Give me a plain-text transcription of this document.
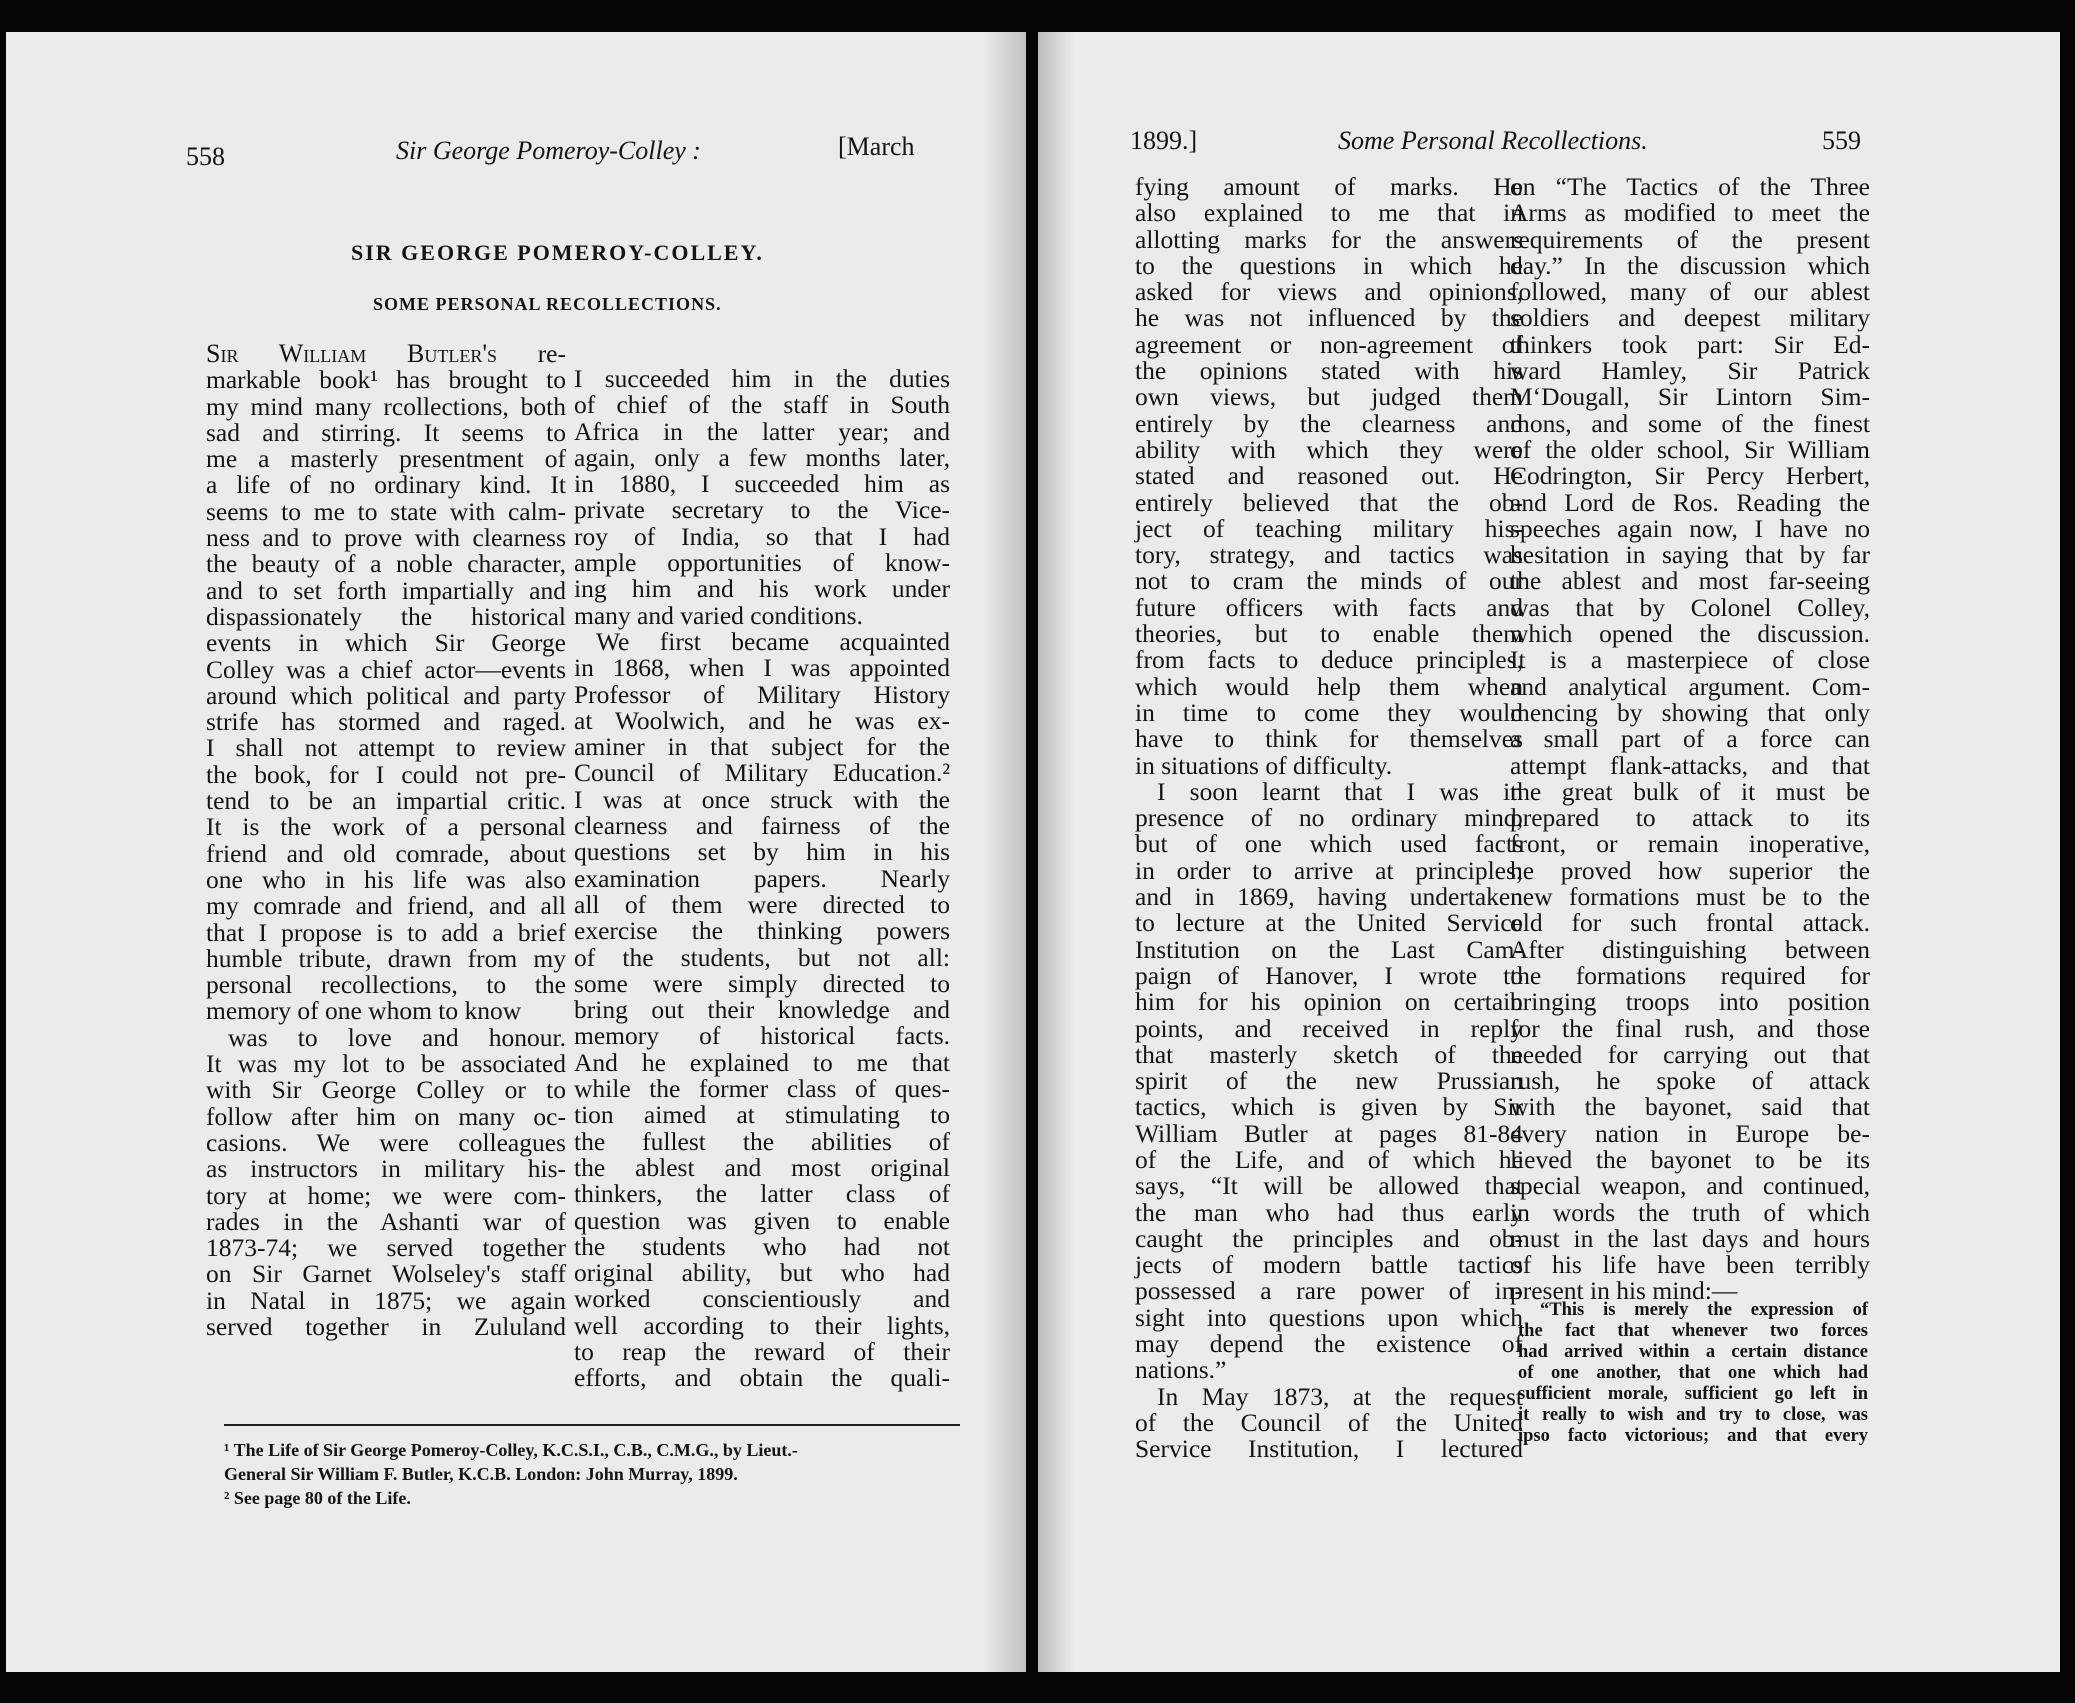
558	Sir George Pomeroy-Colley :	[March
SIR GEORGE POMEROY-COLLEY.
SOME PERSONAL RECOLLECTIONS.
Sir William Butler's re-
markable book¹ has brought to
my mind many rcollections, both
sad and stirring. It seems to
me a masterly presentment of
a life of no ordinary kind. It
seems to me to state with calm-
ness and to prove with clearness
the beauty of a noble character,
and to set forth impartially and
dispassionately the historical
events in which Sir George
Colley was a chief actor—events
around which political and party
strife has stormed and raged.
I shall not attempt to review
the book, for I could not pre-
tend to be an impartial critic.
It is the work of a personal
friend and old comrade, about
one who in his life was also
my comrade and friend, and all
that I propose is to add a brief
humble tribute, drawn from my
personal recollections, to the
memory of one whom to know
was to love and honour.
It was my lot to be associated
with Sir George Colley or to
follow after him on many oc-
casions. We were colleagues
as instructors in military his-
tory at home; we were com-
rades in the Ashanti war of
1873-74; we served together
on Sir Garnet Wolseley's staff
in Natal in 1875; we again
served together in Zululand
I succeeded him in the duties
of chief of the staff in South
Africa in the latter year; and
again, only a few months later,
in 1880, I succeeded him as
private secretary to the Vice-
roy of India, so that I had
ample opportunities of know-
ing him and his work under
many and varied conditions.
We first became acquainted
in 1868, when I was appointed
Professor of Military History
at Woolwich, and he was ex-
aminer in that subject for the
Council of Military Education.²
I was at once struck with the
clearness and fairness of the
questions set by him in his
examination papers. Nearly
all of them were directed to
exercise the thinking powers
of the students, but not all:
some were simply directed to
bring out their knowledge and
memory of historical facts.
And he explained to me that
while the former class of ques-
tion aimed at stimulating to
the fullest the abilities of
the ablest and most original
thinkers, the latter class of
question was given to enable
the students who had not
original ability, but who had
worked conscientiously and
well according to their lights,
to reap the reward of their
efforts, and obtain the quali-
¹ The Life of Sir George Pomeroy-Colley, K.C.S.I., C.B., C.M.G., by Lieut.-
General Sir William F. Butler, K.C.B. London: John Murray, 1899.
² See page 80 of the Life.
1899.]	Some Personal Recollections.	559
fying amount of marks. He
also explained to me that in
allotting marks for the answers
to the questions in which he
asked for views and opinions,
he was not influenced by the
agreement or non-agreement of
the opinions stated with his
own views, but judged them
entirely by the clearness and
ability with which they were
stated and reasoned out. He
entirely believed that the ob-
ject of teaching military his-
tory, strategy, and tactics was
not to cram the minds of our
future officers with facts and
theories, but to enable them
from facts to deduce principles,
which would help them when
in time to come they would
have to think for themselves
in situations of difficulty.
I soon learnt that I was in
presence of no ordinary mind,
but of one which used facts
in order to arrive at principles;
and in 1869, having undertaken
to lecture at the United Service
Institution on the Last Cam-
paign of Hanover, I wrote to
him for his opinion on certain
points, and received in reply
that masterly sketch of the
spirit of the new Prussian
tactics, which is given by Sir
William Butler at pages 81-84
of the Life, and of which he
says, “It will be allowed that
the man who had thus early
caught the principles and ob-
jects of modern battle tactics
possessed a rare power of in-
sight into questions upon which
may depend the existence of
nations.”
In May 1873, at the request
of the Council of the United
Service Institution, I lectured
on “The Tactics of the Three
Arms as modified to meet the
requirements of the present
day.” In the discussion which
followed, many of our ablest
soldiers and deepest military
thinkers took part: Sir Ed-
ward Hamley, Sir Patrick
M‘Dougall, Sir Lintorn Sim-
mons, and some of the finest
of the older school, Sir William
Codrington, Sir Percy Herbert,
and Lord de Ros. Reading the
speeches again now, I have no
hesitation in saying that by far
the ablest and most far-seeing
was that by Colonel Colley,
which opened the discussion.
It is a masterpiece of close
and analytical argument. Com-
mencing by showing that only
a small part of a force can
attempt flank-attacks, and that
the great bulk of it must be
prepared to attack to its
front, or remain inoperative,
he proved how superior the
new formations must be to the
old for such frontal attack.
After distinguishing between
the formations required for
bringing troops into position
for the final rush, and those
needed for carrying out that
rush, he spoke of attack
with the bayonet, said that
every nation in Europe be-
lieved the bayonet to be its
special weapon, and continued,
in words the truth of which
must in the last days and hours
of his life have been terribly
present in his mind:—
“This is merely the expression of
the fact that whenever two forces
had arrived within a certain distance
of one another, that one which had
sufficient morale, sufficient go left in
it really to wish and try to close, was
ipso facto victorious; and that every
